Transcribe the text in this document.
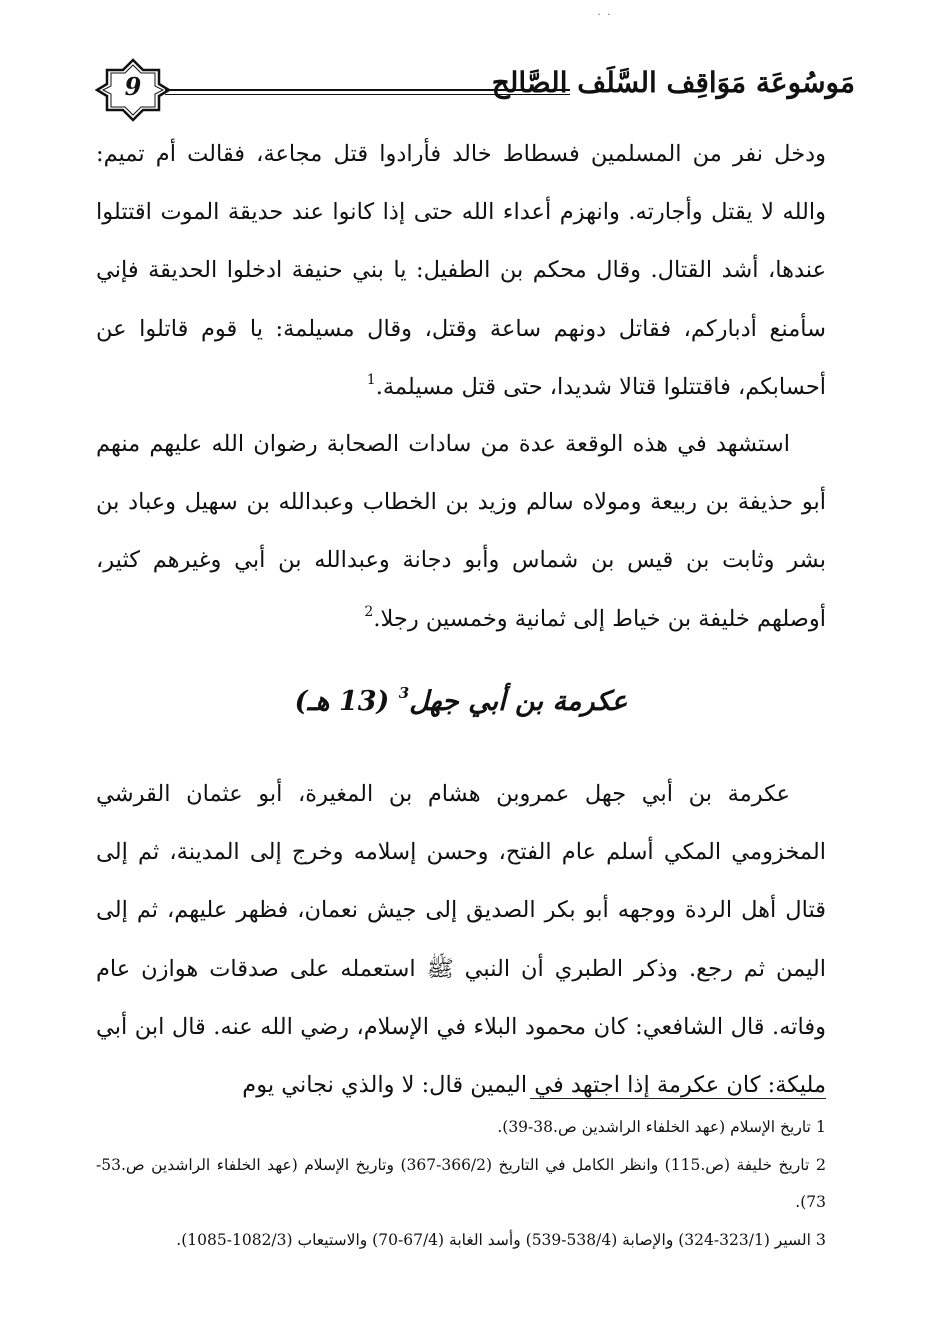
˙ ˙
9	مَوسُوعَة مَوَاقِف السَّلَف الصَّالح

ودخل نفر من المسلمين فسطاط خالد فأرادوا قتل مجاعة، فقالت أم تميم: والله لا يقتل وأجارته. وانهزم أعداء الله حتى إذا كانوا عند حديقة الموت اقتتلوا عندها، أشد القتال. وقال محكم بن الطفيل: يا بني حنيفة ادخلوا الحديقة فإني سأمنع أدباركم، فقاتل دونهم ساعة وقتل، وقال مسيلمة: يا قوم قاتلوا عن أحسابكم، فاقتتلوا قتالا شديدا، حتى قتل مسيلمة.$^1$

استشهد في هذه الوقعة عدة من سادات الصحابة رضوان الله عليهم منهم أبو حذيفة بن ربيعة ومولاه سالم وزيد بن الخطاب وعبدالله بن سهيل وعباد بن بشر وثابت بن قيس بن شماس وأبو دجانة وعبدالله بن أبي وغيرهم كثير، أوصلهم خليفة بن خياط إلى ثمانية وخمسين رجلا.$^2$

عكرمة بن أبي جهل$^3$ (13 هـ)

عكرمة بن أبي جهل عمروبن هشام بن المغيرة، أبو عثمان القرشي المخزومي المكي أسلم عام الفتح، وحسن إسلامه وخرج إلى المدينة، ثم إلى قتال أهل الردة ووجهه أبو بكر الصديق إلى جيش نعمان، فظهر عليهم، ثم إلى اليمن ثم رجع. وذكر الطبري أن النبي ﷺ استعمله على صدقات هوازن عام وفاته. قال الشافعي: كان محمود البلاء في الإسلام، رضي الله عنه. قال ابن أبي مليكة: كان عكرمة إذا اجتهد في اليمين قال: لا والذي نجاني يوم

1 تاريخ الإسلام (عهد الخلفاء الراشدين ص.38-39).

2 تاريخ خليفة (ص.115) وانظر الكامل في التاريخ (366/2-367) وتاريخ الإسلام (عهد الخلفاء الراشدين ص.53-73).

3 السير (323/1-324) والإصابة (538/4-539) وأسد الغابة (67/4-70) والاستيعاب (1082/3-1085).
